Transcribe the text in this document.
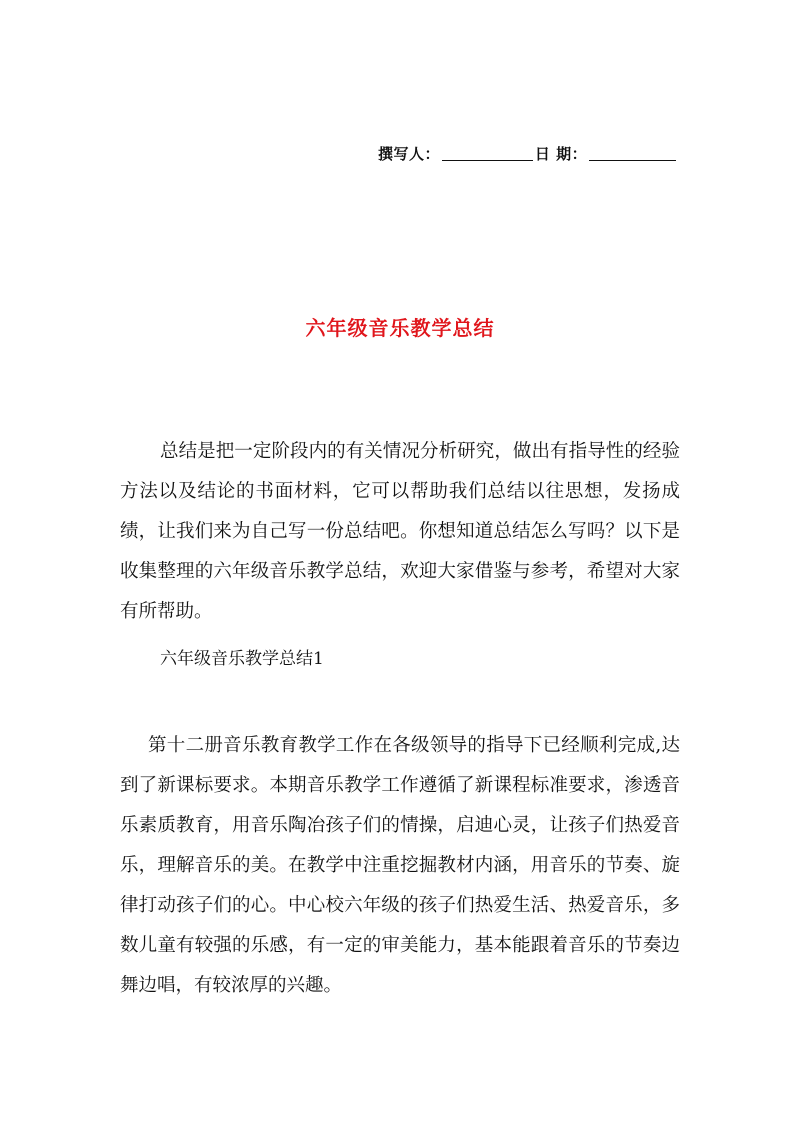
撰写人：	日 期：
六年级音乐教学总结

总结是把一定阶段内的有关情况分析研究，做出有指导性的经验方法以及结论的书面材料，它可以帮助我们总结以往思想，发扬成绩，让我们来为自己写一份总结吧。你想知道总结怎么写吗？以下是收集整理的六年级音乐教学总结，欢迎大家借鉴与参考，希望对大家有所帮助。

六年级音乐教学总结1

第十二册音乐教育教学工作在各级领导的指导下已经顺利完成,达到了新课标要求。本期音乐教学工作遵循了新课程标准要求，渗透音乐素质教育，用音乐陶冶孩子们的情操，启迪心灵，让孩子们热爱音乐，理解音乐的美。在教学中注重挖掘教材内涵，用音乐的节奏、旋律打动孩子们的心。中心校六年级的孩子们热爱生活、热爱音乐，多数儿童有较强的乐感，有一定的审美能力，基本能跟着音乐的节奏边舞边唱，有较浓厚的兴趣。
